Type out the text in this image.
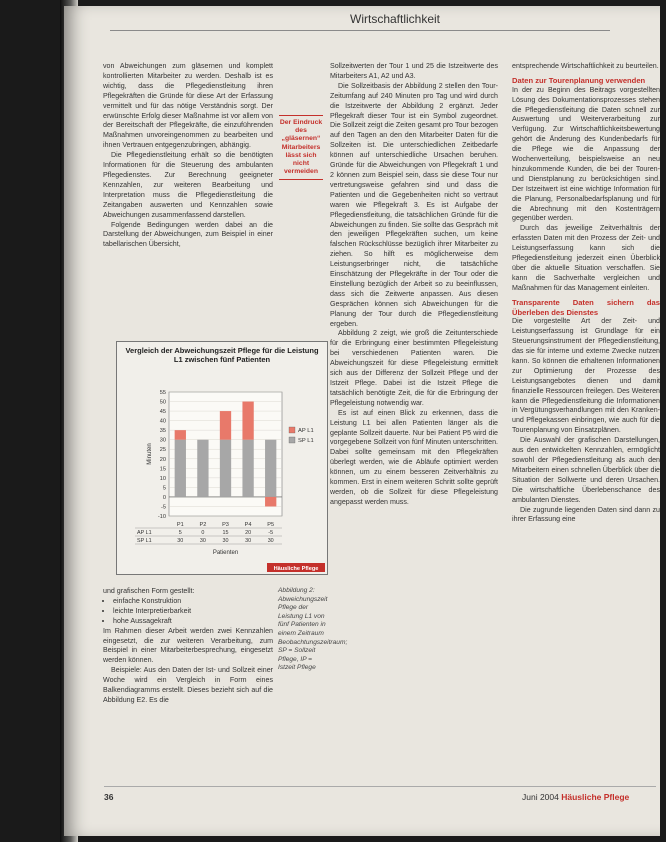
Wirtschaftlichkeit

von Abweichungen zum gläsernen und komplett kontrollierten Mitarbeiter zu werden. Deshalb ist es wichtig, dass die Pflegedienstleitung ihren Pflegekräften die Gründe für diese Art der Erfassung vermittelt und für das nötige Verständnis sorgt. Der erwünschte Erfolg dieser Maßnahme ist vor allem von der Bereitschaft der Pflegekräfte, die einzuführenden Maßnahmen unvoreingenommen zu bearbeiten und ihnen Vertrauen entgegenzubringen, abhängig.

Die Pflegedienstleitung erhält so die benötigten Informationen für die Steuerung des ambulanten Pflegedienstes. Zur Berechnung geeigneter Kennzahlen, zur weiteren Bearbeitung und Interpretation muss die Pflegedienstleitung die Zeitangaben auswerten und Kennzahlen sowie Abweichungen zusammenfassend darstellen.

Folgende Bedingungen werden dabei an die Darstellung der Abweichungen, zum Beispiel in einer tabellarischen Übersicht,

Der Eindruck des „gläsernen“ Mitarbeiters lässt sich nicht vermeiden
Vergleich der Abweichungszeit Pflege für die Leistung L1 zwischen fünf Patienten
-10
-5
0
5
10
15
20
25
30
35
40
45
50
55
Minuten
AP L1
SP L1
P1	P2	P3	P4	P5
AP L1	5	0	15	20	-5
SP L1	30	30	30	30	30
Patienten
Häusliche Pflege

und grafischen Form gestellt:

• einfache Konstruktion
• leichte Interpretierbarkeit
• hohe Aussagekraft

Im Rahmen dieser Arbeit werden zwei Kennzahlen eingesetzt, die zur weiteren Verarbeitung, zum Beispiel in einer Mitarbeiterbesprechung, eingesetzt werden können.

Beispiele: Aus den Daten der Ist- und Sollzeit einer Woche wird ein Vergleich in Form eines Balkendiagramms erstellt. Dieses bezieht sich auf die Abbildung E2. Es die

Abbildung 2: Abweichungszeit Pflege der Leistung L1 von fünf Patienten in einem Zeitraum Beobachtungszeitraum; SP = Sollzeit Pflege, IP = Istzeit Pflege

Sollzeitwerten der Tour 1 und 25 die Istzeitwerte des Mitarbeiters A1, A2 und A3.

Die Sollzeitbasis der Abbildung 2 stellen den Tour-Zeitumfang auf 240 Minuten pro Tag und wird durch die Istzeitwerte der Abbildung 2 ergänzt. Jeder Pflegekraft dieser Tour ist ein Symbol zugeordnet. Die Sollzeit zeigt die Zeiten gesamt pro Tour bezogen auf den Tagen an den den Mitarbeiter Daten für die Sollzeiten ist. Die unterschiedlichen Zeitbedarfe können auf unterschiedliche Ursachen beruhen. Gründe für die Abweichungen von Pflegekraft 1 und 2 können zum Beispiel sein, dass sie diese Tour nur vertretungsweise gefahren sind und dass die Patienten und die Gegebenheiten nicht so vertraut waren wie Pflegekraft 3. Es ist Aufgabe der Pflegedienstleitung, die tatsächlichen Gründe für die Abweichungen zu finden. Sie sollte das Gespräch mit den jeweiligen Pflegekräften suchen, um keine falschen Rückschlüsse bezüglich ihrer Mitarbeiter zu ziehen. So hilft es möglicherweise dem Leistungserbringer nicht, die tatsächliche Einschätzung der Pflegekräfte in der Tour oder die Einstellung bezüglich der Arbeit so zu beeinflussen, dass sich die Zeitwerte anpassen. Aus diesen Gesprächen können sich Abweichungen für die Planung der Tour durch die Pflegedienstleitung ergeben.

Abbildung 2 zeigt, wie groß die Zeitunterschiede für die Erbringung einer bestimmten Pflegeleistung bei verschiedenen Patienten waren. Die Abweichungszeit für diese Pflegeleistung ermittelt sich aus der Differenz der Sollzeit Pflege und der Istzeit Pflege. Dabei ist die Istzeit Pflege die tatsächlich benötigte Zeit, die für die Erbringung der Pflegeleistung notwendig war.

Es ist auf einen Blick zu erkennen, dass die Leistung L1 bei allen Patienten länger als die geplante Sollzeit dauerte. Nur bei Patient P5 wird die vorgegebene Sollzeit von fünf Minuten unterschritten. Dabei sollte gemeinsam mit den Pflegekräften überlegt werden, wie die Abläufe optimiert werden können, um zu einem besseren Zeitverhältnis zu kommen. Erst in einem weiteren Schritt sollte geprüft werden, ob die Sollzeit für diese Pflegeleistung angepasst werden muss.

entsprechende Wirtschaftlichkeit zu beurteilen.

Daten zur Tourenplanung verwenden

In der zu Beginn des Beitrags vorgestellten Lösung des Dokumentationsprozesses stehen die Pflegedienstleitung die Daten schnell zur Auswertung und Weiterverarbeitung zur Verfügung. Zur Wirtschaftlichkeitsbewertung gehört die Änderung des Kundenbedarfs für die Pflege wie die Anpassung der Wochenverteilung, beispielsweise an neu hinzukommende Kunden, die bei der Touren- und Dienstplanung zu berücksichtigen sind. Der Istzeitwert ist eine wichtige Information für die Planung, Personalbedarfsplanung und für die Abrechnung mit den Kostenträgern gegenüber werden.

Durch das jeweilige Zeitverhältnis der erfassten Daten mit den Prozess der Zeit- und Leistungserfassung kann sich die Pflegedienstleitung jederzeit einen Überblick über die aktuelle Situation verschaffen. Sie kann die Sachverhalte vergleichen und Maßnahmen für das Management einleiten.

Transparente Daten sichern das Überleben des Dienstes

Die vorgestellte Art der Zeit- und Leistungserfassung ist Grundlage für ein Steuerungsinstrument der Pflegedienstleitung, das sie für interne und externe Zwecke nutzen kann. So können die erhaltenen Informationen zur Optimierung der Prozesse des Leistungsangebotes dienen und damit finanzielle Ressourcen freilegen. Des Weiteren kann die Pflegedienstleitung die Informationen in Vergütungsverhandlungen mit den Kranken- und Pflegekassen einbringen, wie auch für die Tourenplanung von Einsatzplänen.

Die Auswahl der grafischen Darstellungen, aus den entwickelten Kennzahlen, ermöglicht sowohl der Pflegedienstleitung als auch den Mitarbeitern einen schnellen Überblick über die Situation der Sollwerte und deren Ursachen. Die wirtschaftliche Überlebenschance des ambulanten Dienstes.

Die zugrunde liegenden Daten sind dann zu ihrer Erfassung eine

36	Juni 2004 Häusliche Pflege
